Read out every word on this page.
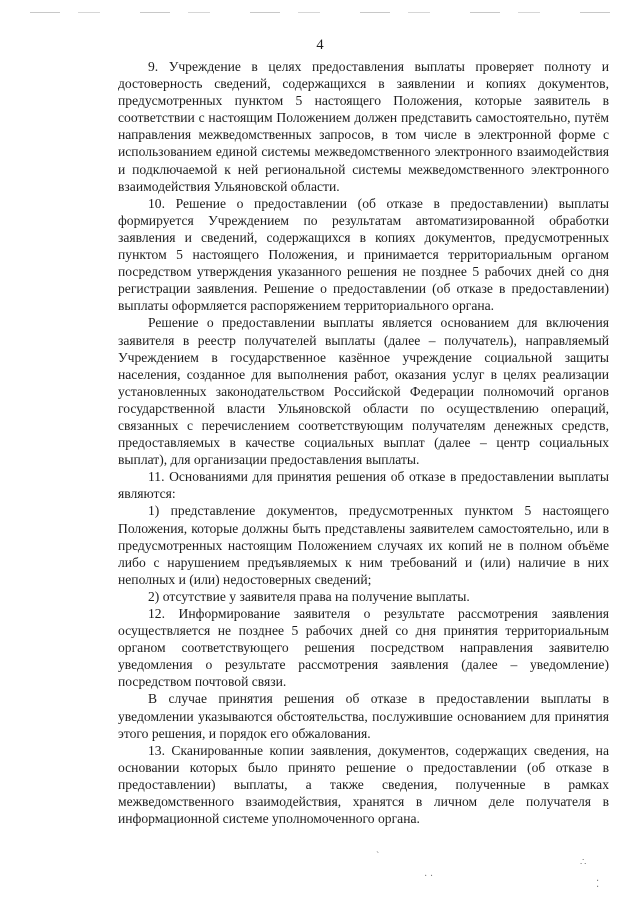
4

9. Учреждение в целях предоставления выплаты проверяет полноту и достоверность сведений, содержащихся в заявлении и копиях документов, предусмотренных пунктом 5 настоящего Положения, которые заявитель в соответствии с настоящим Положением должен представить самостоятельно, путём направления межведомственных запросов, в том числе в электронной форме с использованием единой системы межведомственного электронного взаимодействия и подключаемой к ней региональной системы межведомственного электронного взаимодействия Ульяновской области.

10. Решение о предоставлении (об отказе в предоставлении) выплаты формируется Учреждением по результатам автоматизированной обработки заявления и сведений, содержащихся в копиях документов, предусмотренных пунктом 5 настоящего Положения, и принимается территориальным органом посредством утверждения указанного решения не позднее 5 рабочих дней со дня регистрации заявления. Решение о предоставлении (об отказе в предоставлении) выплаты оформляется распоряжением территориального органа.

Решение о предоставлении выплаты является основанием для включения заявителя в реестр получателей выплаты (далее – получатель), направляемый Учреждением в государственное казённое учреждение социальной защиты населения, созданное для выполнения работ, оказания услуг в целях реализации установленных законодательством Российской Федерации полномочий органов государственной власти Ульяновской области по осуществлению операций, связанных с перечислением соответствующим получателям денежных средств, предоставляемых в качестве социальных выплат (далее – центр социальных выплат), для организации предоставления выплаты.

11. Основаниями для принятия решения об отказе в предоставлении выплаты являются:

1) представление документов, предусмотренных пунктом 5 настоящего Положения, которые должны быть представлены заявителем самостоятельно, или в предусмотренных настоящим Положением случаях их копий не в полном объёме либо с нарушением предъявляемых к ним требований и (или) наличие в них неполных и (или) недостоверных сведений;

2) отсутствие у заявителя права на получение выплаты.

12. Информирование заявителя о результате рассмотрения заявления осуществляется не позднее 5 рабочих дней со дня принятия территориальным органом соответствующего решения посредством направления заявителю уведомления о результате рассмотрения заявления (далее – уведомление) посредством почтовой связи.

В случае принятия решения об отказе в предоставлении выплаты в уведомлении указываются обстоятельства, послужившие основанием для принятия этого решения, и порядок его обжалования.

13. Сканированные копии заявления, документов, содержащих сведения, на основании которых было принято решение о предоставлении (об отказе в предоставлении) выплаты, а также сведения, полученные в рамках межведомственного взаимодействия, хранятся в личном деле получателя в информационной системе уполномоченного органа.

`
· ·
∴
⁚
